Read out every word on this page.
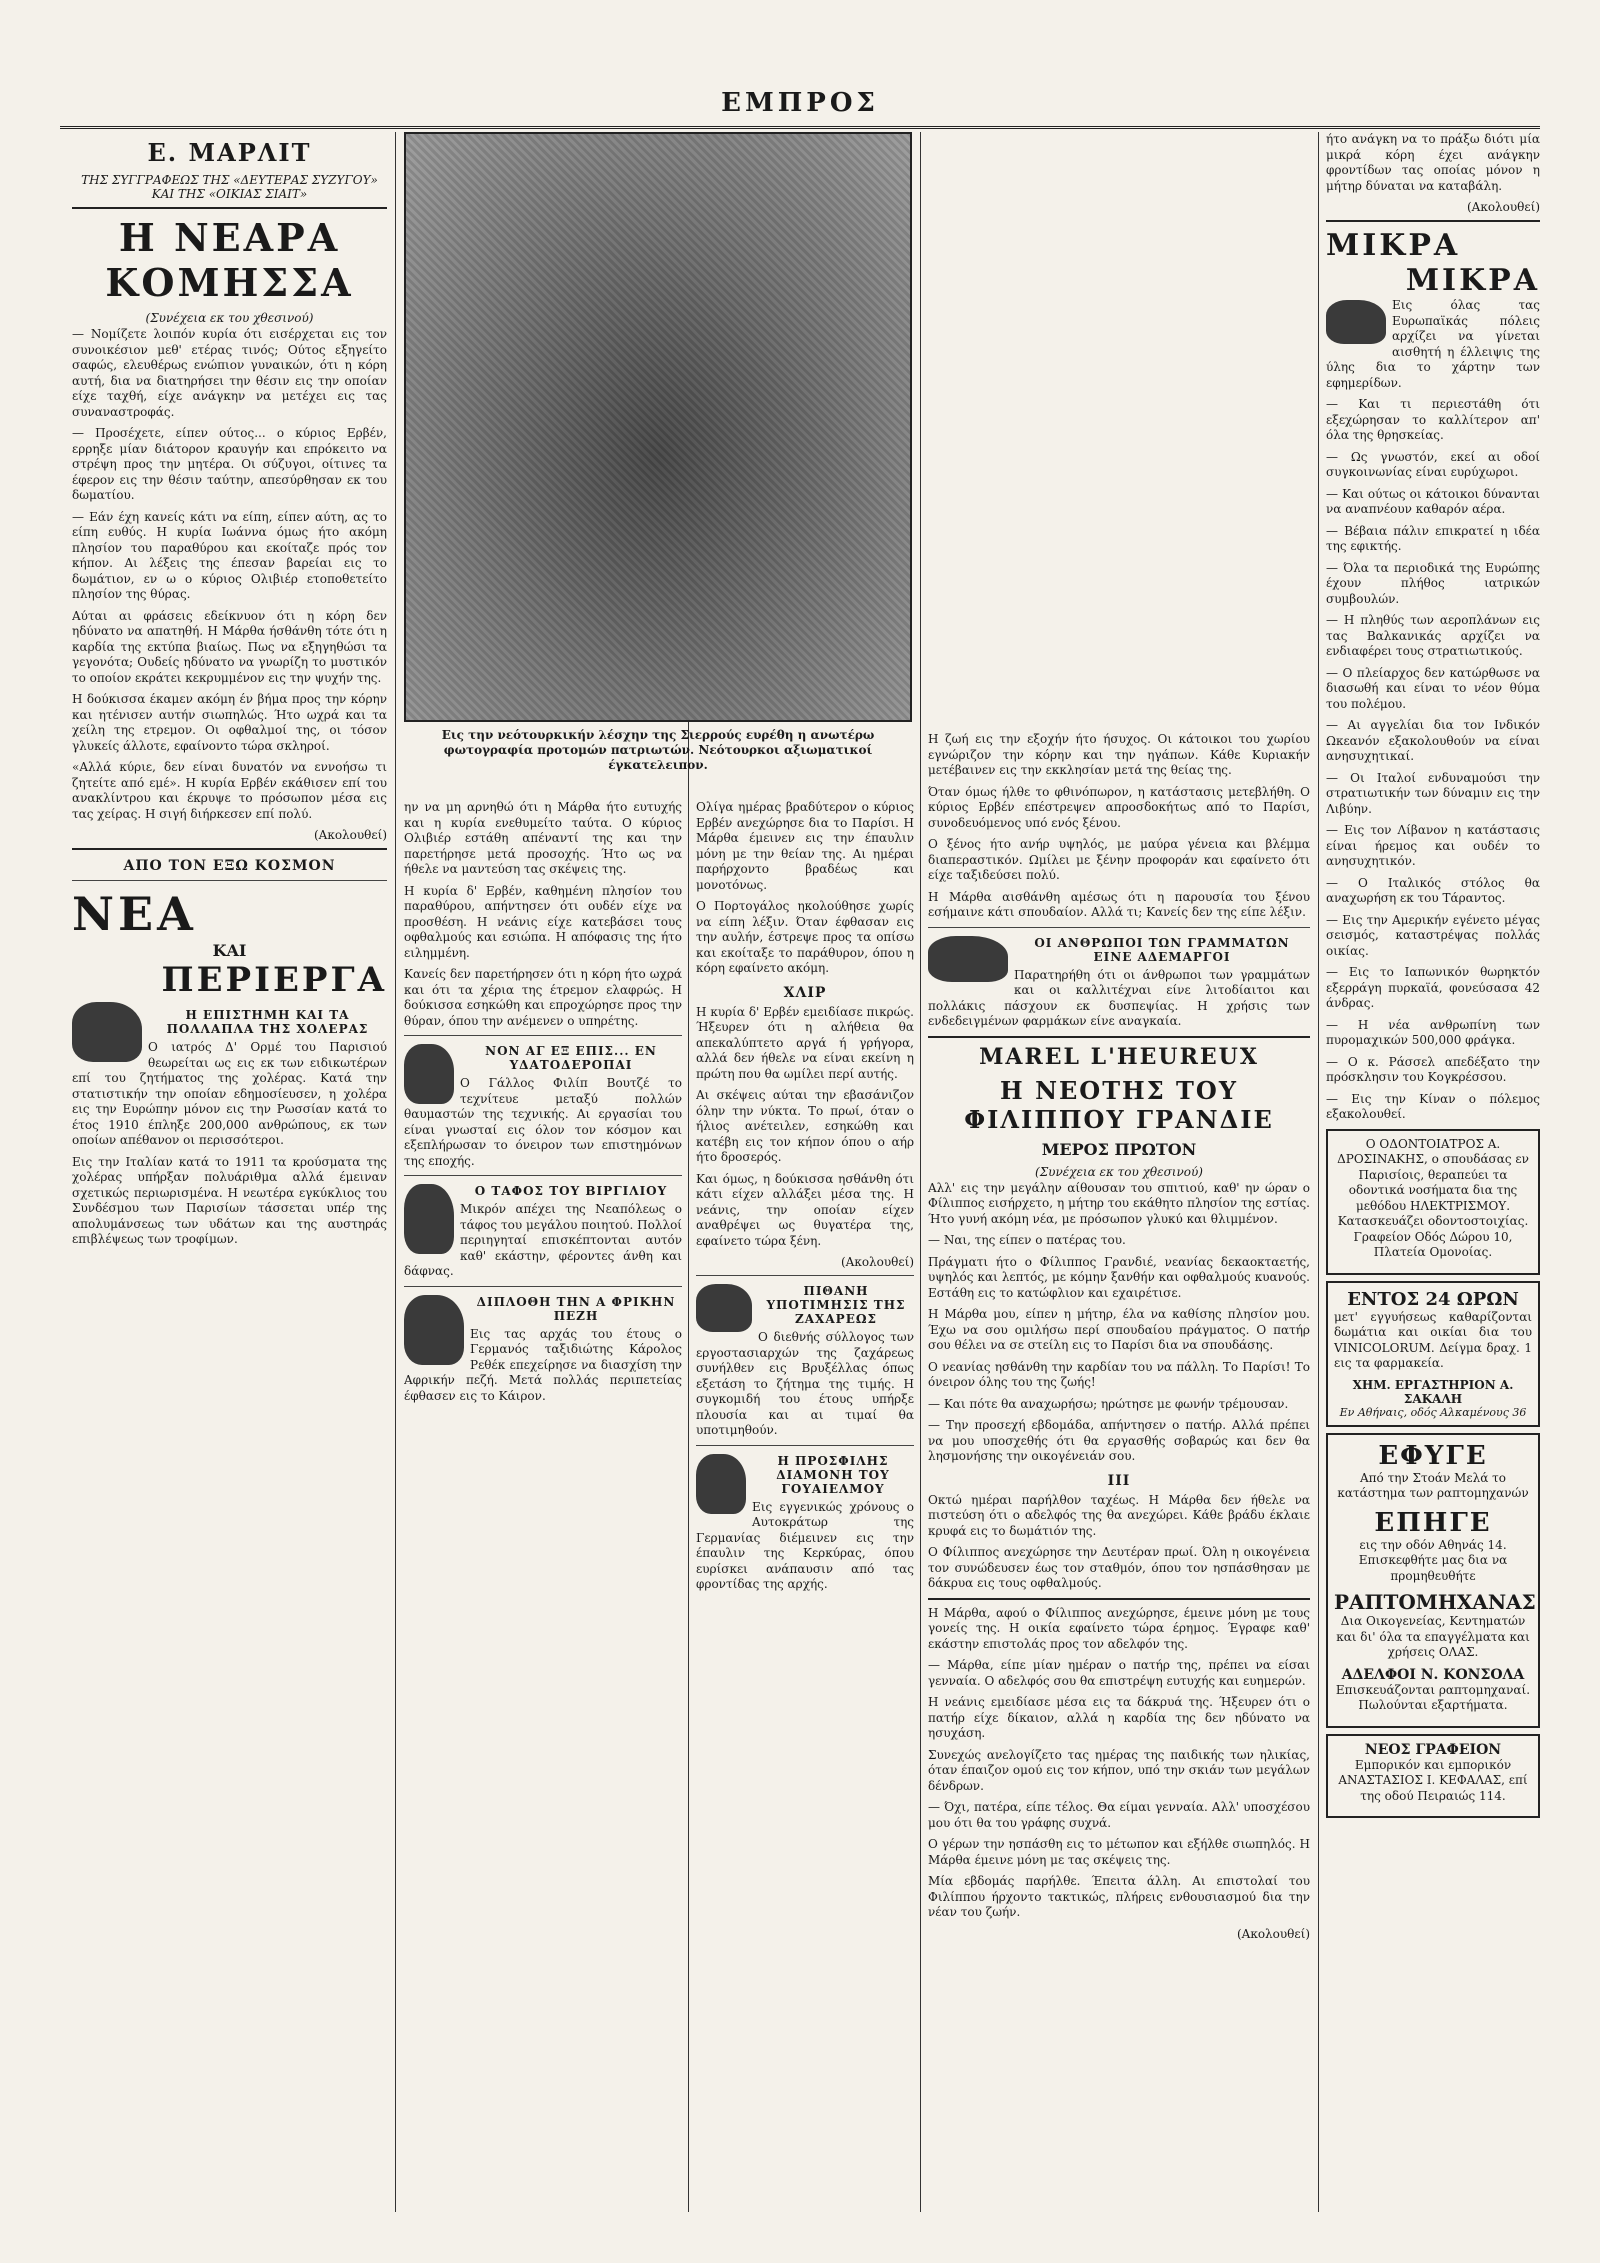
ΕΜΠΡΟΣ
Ε. ΜΑΡΛΙΤ
ΤΗΣ ΣΥΓΓΡΑΦΕΩΣ ΤΗΣ «ΔΕΥΤΕΡΑΣ ΣΥΖΥΓΟΥ» ΚΑΙ ΤΗΣ «ΟΙΚΙΑΣ ΣΙΑΙΤ»
Η ΝΕΑΡΑ ΚΟΜΗΣΣΑ
(Συνέχεια εκ του χθεσινού)

— Νομίζετε λοιπόν κυρία ότι εισέρχεται εις τον συνοικέσιον μεθ' ετέρας τινός; Ούτος εξηγείτο σαφώς, ελευθέρως ενώπιον γυναικών, ότι η κόρη αυτή, δια να διατηρήσει την θέσιν εις την οποίαν είχε ταχθή, είχε ανάγκην να μετέχει εις τας συναναστροφάς.

— Προσέχετε, είπεν ούτος... ο κύριος Ερβέν, ερρηξε μίαν διάτορον κραυγήν και επρόκειτο να στρέψη προς την μητέρα. Οι σύζυγοι, οίτινες τα έφερον εις την θέσιν ταύτην, απεσύρθησαν εκ του δωματίου.

— Εάν έχη κανείς κάτι να είπη, είπεν αύτη, ας το είπη ευθύς. Η κυρία Ιωάννα όμως ήτο ακόμη πλησίον του παραθύρου και εκοίταζε πρός τον κήπον. Αι λέξεις της έπεσαν βαρείαι εις το δωμάτιον, εν ω ο κύριος Ολιβιέρ ετοποθετείτο πλησίον της θύρας.

Αύται αι φράσεις εδείκνυον ότι η κόρη δεν ηδύνατο να απατηθή. Η Μάρθα ήσθάνθη τότε ότι η καρδία της εκτύπα βιαίως. Πως να εξηγηθώσι τα γεγονότα; Ουδείς ηδύνατο να γνωρίζη το μυστικόν το οποίον εκράτει κεκρυμμένον εις την ψυχήν της.

Η δούκισσα έκαμεν ακόμη έν βήμα προς την κόρην και ητένισεν αυτήν σιωπηλώς. Ήτο ωχρά και τα χείλη της ετρεμον. Οι οφθαλμοί της, οι τόσον γλυκείς άλλοτε, εφαίνοντο τώρα σκληροί.

«Αλλά κύριε, δεν είναι δυνατόν να εννοήσω τι ζητείτε από εμέ». Η κυρία Ερβέν εκάθισεν επί του ανακλίντρου και έκρυψε το πρόσωπον μέσα εις τας χείρας. Η σιγή διήρκεσεν επί πολύ.

(Ακολουθεί)
ΑΠΟ ΤΟΝ ΕΞΩ ΚΟΣΜΟΝ
ΝΕΑ
ΚΑΙ
ΠΕΡΙΕΡΓΑ
Η ΕΠΙΣΤΗΜΗ ΚΑΙ ΤΑ ΠΟΛΛΑΠΛΑ ΤΗΣ ΧΟΛΕΡΑΣ

Ο ιατρός Δ' Ορμέ του Παρισιού θεωρείται ως εις εκ των ειδικωτέρων επί του ζητήματος της χολέρας. Κατά την στατιστικήν την οποίαν εδημοσίευσεν, η χολέρα εις την Ευρώπην μόνον εις την Ρωσσίαν κατά το έτος 1910 έπληξε 200,000 ανθρώπους, εκ των οποίων απέθανον οι περισσότεροι.

Εις την Ιταλίαν κατά το 1911 τα κρούσματα της χολέρας υπήρξαν πολυάριθμα αλλά έμειναν σχετικώς περιωρισμένα. Η νεωτέρα εγκύκλιος του Συνδέσμου των Παρισίων τάσσεται υπέρ της απολυμάνσεως των υδάτων και της αυστηράς επιβλέψεως των τροφίμων.

Εις την νεότουρκικήν λέσχην της Σιερρούς ευρέθη η ανωτέρω φωτογραφία προτομών πατριωτών. Νεότουρκοι αξιωματικοί έγκατελειπον.

ην να μη αρνηθώ ότι η Μάρθα ήτο ευτυχής και η κυρία ενεθυμείτο ταύτα. Ο κύριος Ολιβιέρ εστάθη απέναντί της και την παρετήρησε μετά προσοχής. Ήτο ως να ήθελε να μαντεύση τας σκέψεις της.

Η κυρία δ' Ερβέν, καθημένη πλησίον του παραθύρου, απήντησεν ότι ουδέν είχε να προσθέση. Η νεάνις είχε κατεβάσει τους οφθαλμούς και εσιώπα. Η απόφασις της ήτο ειλημμένη.

Κανείς δεν παρετήρησεν ότι η κόρη ήτο ωχρά και ότι τα χέρια της έτρεμον ελαφρώς. Η δούκισσα εσηκώθη και επροχώρησε προς την θύραν, όπου την ανέμενεν ο υπηρέτης.

ΝΟΝ ΑΓ ΕΞ ΕΠΙΣ... ΕΝ ΥΔΑΤΟΔΕΡΟΠΑΙ

Ο Γάλλος Φιλίπ Βουτζέ το τεχνίτευε μεταξύ πολλών θαυμαστών της τεχνικής. Αι εργασίαι του είναι γνωσταί εις όλον τον κόσμον και εξεπλήρωσαν το όνειρον των επιστημόνων της εποχής.

Ο ΤΑΦΟΣ ΤΟΥ ΒΙΡΓΙΛΙΟΥ

Μικρόν απέχει της Νεαπόλεως ο τάφος του μεγάλου ποιητού. Πολλοί περιηγηταί επισκέπτονται αυτόν καθ' εκάστην, φέροντες άνθη και δάφνας.

ΔΙΠΛΟΘΗ ΤΗΝ Α ΦΡΙΚΗΝ ΠΕΖΗ

Εις τας αρχάς του έτους ο Γερμανός ταξιδιώτης Κάρολος Ρεθέκ επεχείρησε να διασχίση την Αφρικήν πεζή. Μετά πολλάς περιπετείας έφθασεν εις το Κάιρον.

Ολίγα ημέρας βραδύτερον ο κύριος Ερβέν ανεχώρησε δια το Παρίσι. Η Μάρθα έμεινεν εις την έπαυλιν μόνη με την θείαν της. Αι ημέραι παρήρχοντο βραδέως και μονοτόνως.

Ο Πορτογάλος ηκολούθησε χωρίς να είπη λέξιν. Όταν έφθασαν εις την αυλήν, έστρεψε προς τα οπίσω και εκοίταξε το παράθυρον, όπου η κόρη εφαίνετο ακόμη.

ΧΛΙΡ

Η κυρία δ' Ερβέν εμειδίασε πικρώς. Ήξευρεν ότι η αλήθεια θα απεκαλύπτετο αργά ή γρήγορα, αλλά δεν ήθελε να είναι εκείνη η πρώτη που θα ωμίλει περί αυτής.

Αι σκέψεις αύται την εβασάνιζον όλην την νύκτα. Το πρωί, όταν ο ήλιος ανέτειλεν, εσηκώθη και κατέβη εις τον κήπον όπου ο αήρ ήτο δροσερός.

Και όμως, η δούκισσα ησθάνθη ότι κάτι είχεν αλλάξει μέσα της. Η νεάνις, την οποίαν είχεν αναθρέψει ως θυγατέρα της, εφαίνετο τώρα ξένη.

(Ακολουθεί)
ΠΙΘΑΝΗ ΥΠΟΤΙΜΗΣΙΣ ΤΗΣ ΖΑΧΑΡΕΩΣ

Ο διεθνής σύλλογος των εργοστασιαρχών της ζαχάρεως συνήλθεν εις Βρυξέλλας όπως εξετάση το ζήτημα της τιμής. Η συγκομιδή του έτους υπήρξε πλουσία και αι τιμαί θα υποτιμηθούν.

Η ΠΡΟΣΦΙΛΗΣ ΔΙΑΜΟΝΗ ΤΟΥ ΓΟΥΑΙΕΛΜΟΥ

Εις εγγενικώς χρόνους ο Αυτοκράτωρ της Γερμανίας διέμεινεν εις την έπαυλιν της Κερκύρας, όπου ευρίσκει ανάπαυσιν από τας φροντίδας της αρχής.

Η ζωή εις την εξοχήν ήτο ήσυχος. Οι κάτοικοι του χωρίου εγνώριζον την κόρην και την ηγάπων. Κάθε Κυριακήν μετέβαινεν εις την εκκλησίαν μετά της θείας της.

Όταν όμως ήλθε το φθινόπωρον, η κατάστασις μετεβλήθη. Ο κύριος Ερβέν επέστρεψεν απροσδοκήτως από το Παρίσι, συνοδευόμενος υπό ενός ξένου.

Ο ξένος ήτο ανήρ υψηλός, με μαύρα γένεια και βλέμμα διαπεραστικόν. Ωμίλει με ξένην προφοράν και εφαίνετο ότι είχε ταξιδεύσει πολύ.

Η Μάρθα αισθάνθη αμέσως ότι η παρουσία του ξένου εσήμαινε κάτι σπουδαίον. Αλλά τι; Κανείς δεν της είπε λέξιν.

ΟΙ ΑΝΘΡΩΠΟΙ ΤΩΝ ΓΡΑΜΜΑΤΩΝ ΕΙΝΕ ΑΔΕΜΑΡΓΟΙ

Παρατηρήθη ότι οι άνθρωποι των γραμμάτων και οι καλλιτέχναι είνε λιτοδίαιτοι και πολλάκις πάσχουν εκ δυσπεψίας. Η χρήσις των ενδεδειγμένων φαρμάκων είνε αναγκαία.

MAREL L'HEUREUX
Η ΝΕΟΤΗΣ ΤΟΥ ΦΙΛΙΠΠΟΥ ΓΡΑΝΔΙΕ
ΜΕΡΟΣ ΠΡΩΤΟΝ
(Συνέχεια εκ του χθεσινού)

Αλλ' εις την μεγάλην αίθουσαν του σπιτιού, καθ' ην ώραν ο Φίλιππος εισήρχετο, η μήτηρ του εκάθητο πλησίον της εστίας. Ήτο γυνή ακόμη νέα, με πρόσωπον γλυκύ και θλιμμένον.

— Ναι, της είπεν ο πατέρας του.

Πράγματι ήτο ο Φίλιππος Γρανδιέ, νεανίας δεκαοκταετής, υψηλός και λεπτός, με κόμην ξανθήν και οφθαλμούς κυανούς. Εστάθη εις το κατώφλιον και εχαιρέτισε.

Η Μάρθα μου, είπεν η μήτηρ, έλα να καθίσης πλησίον μου. Έχω να σου ομιλήσω περί σπουδαίου πράγματος. Ο πατήρ σου θέλει να σε στείλη εις το Παρίσι δια να σπουδάσης.

Ο νεανίας ησθάνθη την καρδίαν του να πάλλη. Το Παρίσι! Το όνειρον όλης του της ζωής!

— Και πότε θα αναχωρήσω; ηρώτησε με φωνήν τρέμουσαν.

— Την προσεχή εβδομάδα, απήντησεν ο πατήρ. Αλλά πρέπει να μου υποσχεθής ότι θα εργασθής σοβαρώς και δεν θα λησμονήσης την οικογένειάν σου.

ΙΙΙ

Οκτώ ημέραι παρήλθον ταχέως. Η Μάρθα δεν ήθελε να πιστεύση ότι ο αδελφός της θα ανεχώρει. Κάθε βράδυ έκλαιε κρυφά εις το δωμάτιόν της.

Ο Φίλιππος ανεχώρησε την Δευτέραν πρωί. Όλη η οικογένεια τον συνώδευσεν έως τον σταθμόν, όπου τον ησπάσθησαν με δάκρυα εις τους οφθαλμούς.

Η Μάρθα, αφού ο Φίλιππος ανεχώρησε, έμεινε μόνη με τους γονείς της. Η οικία εφαίνετο τώρα έρημος. Έγραφε καθ' εκάστην επιστολάς προς τον αδελφόν της.

— Μάρθα, είπε μίαν ημέραν ο πατήρ της, πρέπει να είσαι γενναία. Ο αδελφός σου θα επιστρέψη ευτυχής και ευημερών.

Η νεάνις εμειδίασε μέσα εις τα δάκρυά της. Ήξευρεν ότι ο πατήρ είχε δίκαιον, αλλά η καρδία της δεν ηδύνατο να ησυχάση.

Συνεχώς ανελογίζετο τας ημέρας της παιδικής των ηλικίας, όταν έπαιζον ομού εις τον κήπον, υπό την σκιάν των μεγάλων δένδρων.

— Όχι, πατέρα, είπε τέλος. Θα είμαι γενναία. Αλλ' υποσχέσου μου ότι θα του γράφης συχνά.

Ο γέρων την ησπάσθη εις το μέτωπον και εξήλθε σιωπηλός. Η Μάρθα έμεινε μόνη με τας σκέψεις της.

Μία εβδομάς παρήλθε. Έπειτα άλλη. Αι επιστολαί του Φιλίππου ήρχοντο τακτικώς, πλήρεις ενθουσιασμού δια την νέαν του ζωήν.

(Ακολουθεί)

ήτο ανάγκη να το πράξω διότι μία μικρά κόρη έχει ανάγκην φροντίδων τας οποίας μόνον η μήτηρ δύναται να καταβάλη.

(Ακολουθεί)
ΜΙΚΡΑ
ΜΙΚΡΑ

Εις όλας τας Ευρωπαϊκάς πόλεις αρχίζει να γίνεται αισθητή η έλλειψις της ύλης δια το χάρτην των εφημερίδων.

— Και τι περιεστάθη ότι εξεχώρησαν το καλλίτερον απ' όλα της θρησκείας.

— Ως γνωστόν, εκεί αι οδοί συγκοινωνίας είναι ευρύχωροι.

— Και ούτως οι κάτοικοι δύνανται να αναπνέουν καθαρόν αέρα.

— Βέβαια πάλιν επικρατεί η ιδέα της εφικτής.

— Όλα τα περιοδικά της Ευρώπης έχουν πλήθος ιατρικών συμβουλών.

— Η πληθύς των αεροπλάνων εις τας Βαλκανικάς αρχίζει να ενδιαφέρει τους στρατιωτικούς.

— Ο πλείαρχος δεν κατώρθωσε να διασωθή και είναι το νέον θύμα του πολέμου.

— Αι αγγελίαι δια τον Ινδικόν Ωκεανόν εξακολουθούν να είναι ανησυχητικαί.

— Οι Ιταλοί ενδυναμούσι την στρατιωτικήν των δύναμιν εις την Λιβύην.

— Εις τον Λίβανον η κατάστασις είναι ήρεμος και ουδέν το ανησυχητικόν.

— Ο Ιταλικός στόλος θα αναχωρήση εκ του Τάραντος.

— Εις την Αμερικήν εγένετο μέγας σεισμός, καταστρέψας πολλάς οικίας.

— Εις το Ιαπωνικόν θωρηκτόν εξερράγη πυρκαϊά, φονεύσασα 42 άνδρας.

— Η νέα ανθρωπίνη των πυρομαχικών 500,000 φράγκα.

— Ο κ. Ράσσελ απεδέξατο την πρόσκλησιν του Κογκρέσσου.

— Εις την Κίναν ο πόλεμος εξακολουθεί.

Ο ΟΔΟΝΤΟΙΑΤΡΟΣ Α. ΔΡΟΣΙΝΑΚΗΣ, ο σπουδάσας εν Παρισίοις, θεραπεύει τα οδοντικά νοσήματα δια της μεθόδου ΗΛΕΚΤΡΙΣΜΟΥ. Κατασκευάζει οδοντοστοιχίας. Γραφείον Οδός Δώρου 10, Πλατεία Ομονοίας.

ΕΝΤΟΣ 24 ΩΡΩΝ

μετ' εγγυήσεως καθαρίζονται δωμάτια και οικίαι δια του VINICOLORUM. Δείγμα δραχ. 1 εις τα φαρμακεία.

ΧΗΜ. ΕΡΓΑΣΤΗΡΙΟΝ Α. ΣΑΚΑΛΗ
Εν Αθήναις, οδός Αλκαμένους 36
ΕΦΥΓΕ

Από την Στοάν Μελά το κατάστημα των ραπτομηχανών

ΕΠΗΓΕ

εις την οδόν Αθηνάς 14. Επισκεφθήτε μας δια να προμηθευθήτε

ΡΑΠΤΟΜΗΧΑΝΑΣ

Δια Οικογενείας, Κεντηματών και δι' όλα τα επαγγέλματα και χρήσεις ΟΛΑΣ.

ΑΔΕΛΦΟΙ Ν. ΚΟΝΣΟΛΑ

Επισκευάζονται ραπτομηχαναί. Πωλούνται εξαρτήματα.

ΝΕΟΣ ΓΡΑΦΕΙΟΝ

Εμπορικόν και εμπορικόν ΑΝΑΣΤΑΣΙΟΣ Ι. ΚΕΦΑΛΑΣ, επί της οδού Πειραιώς 114.
